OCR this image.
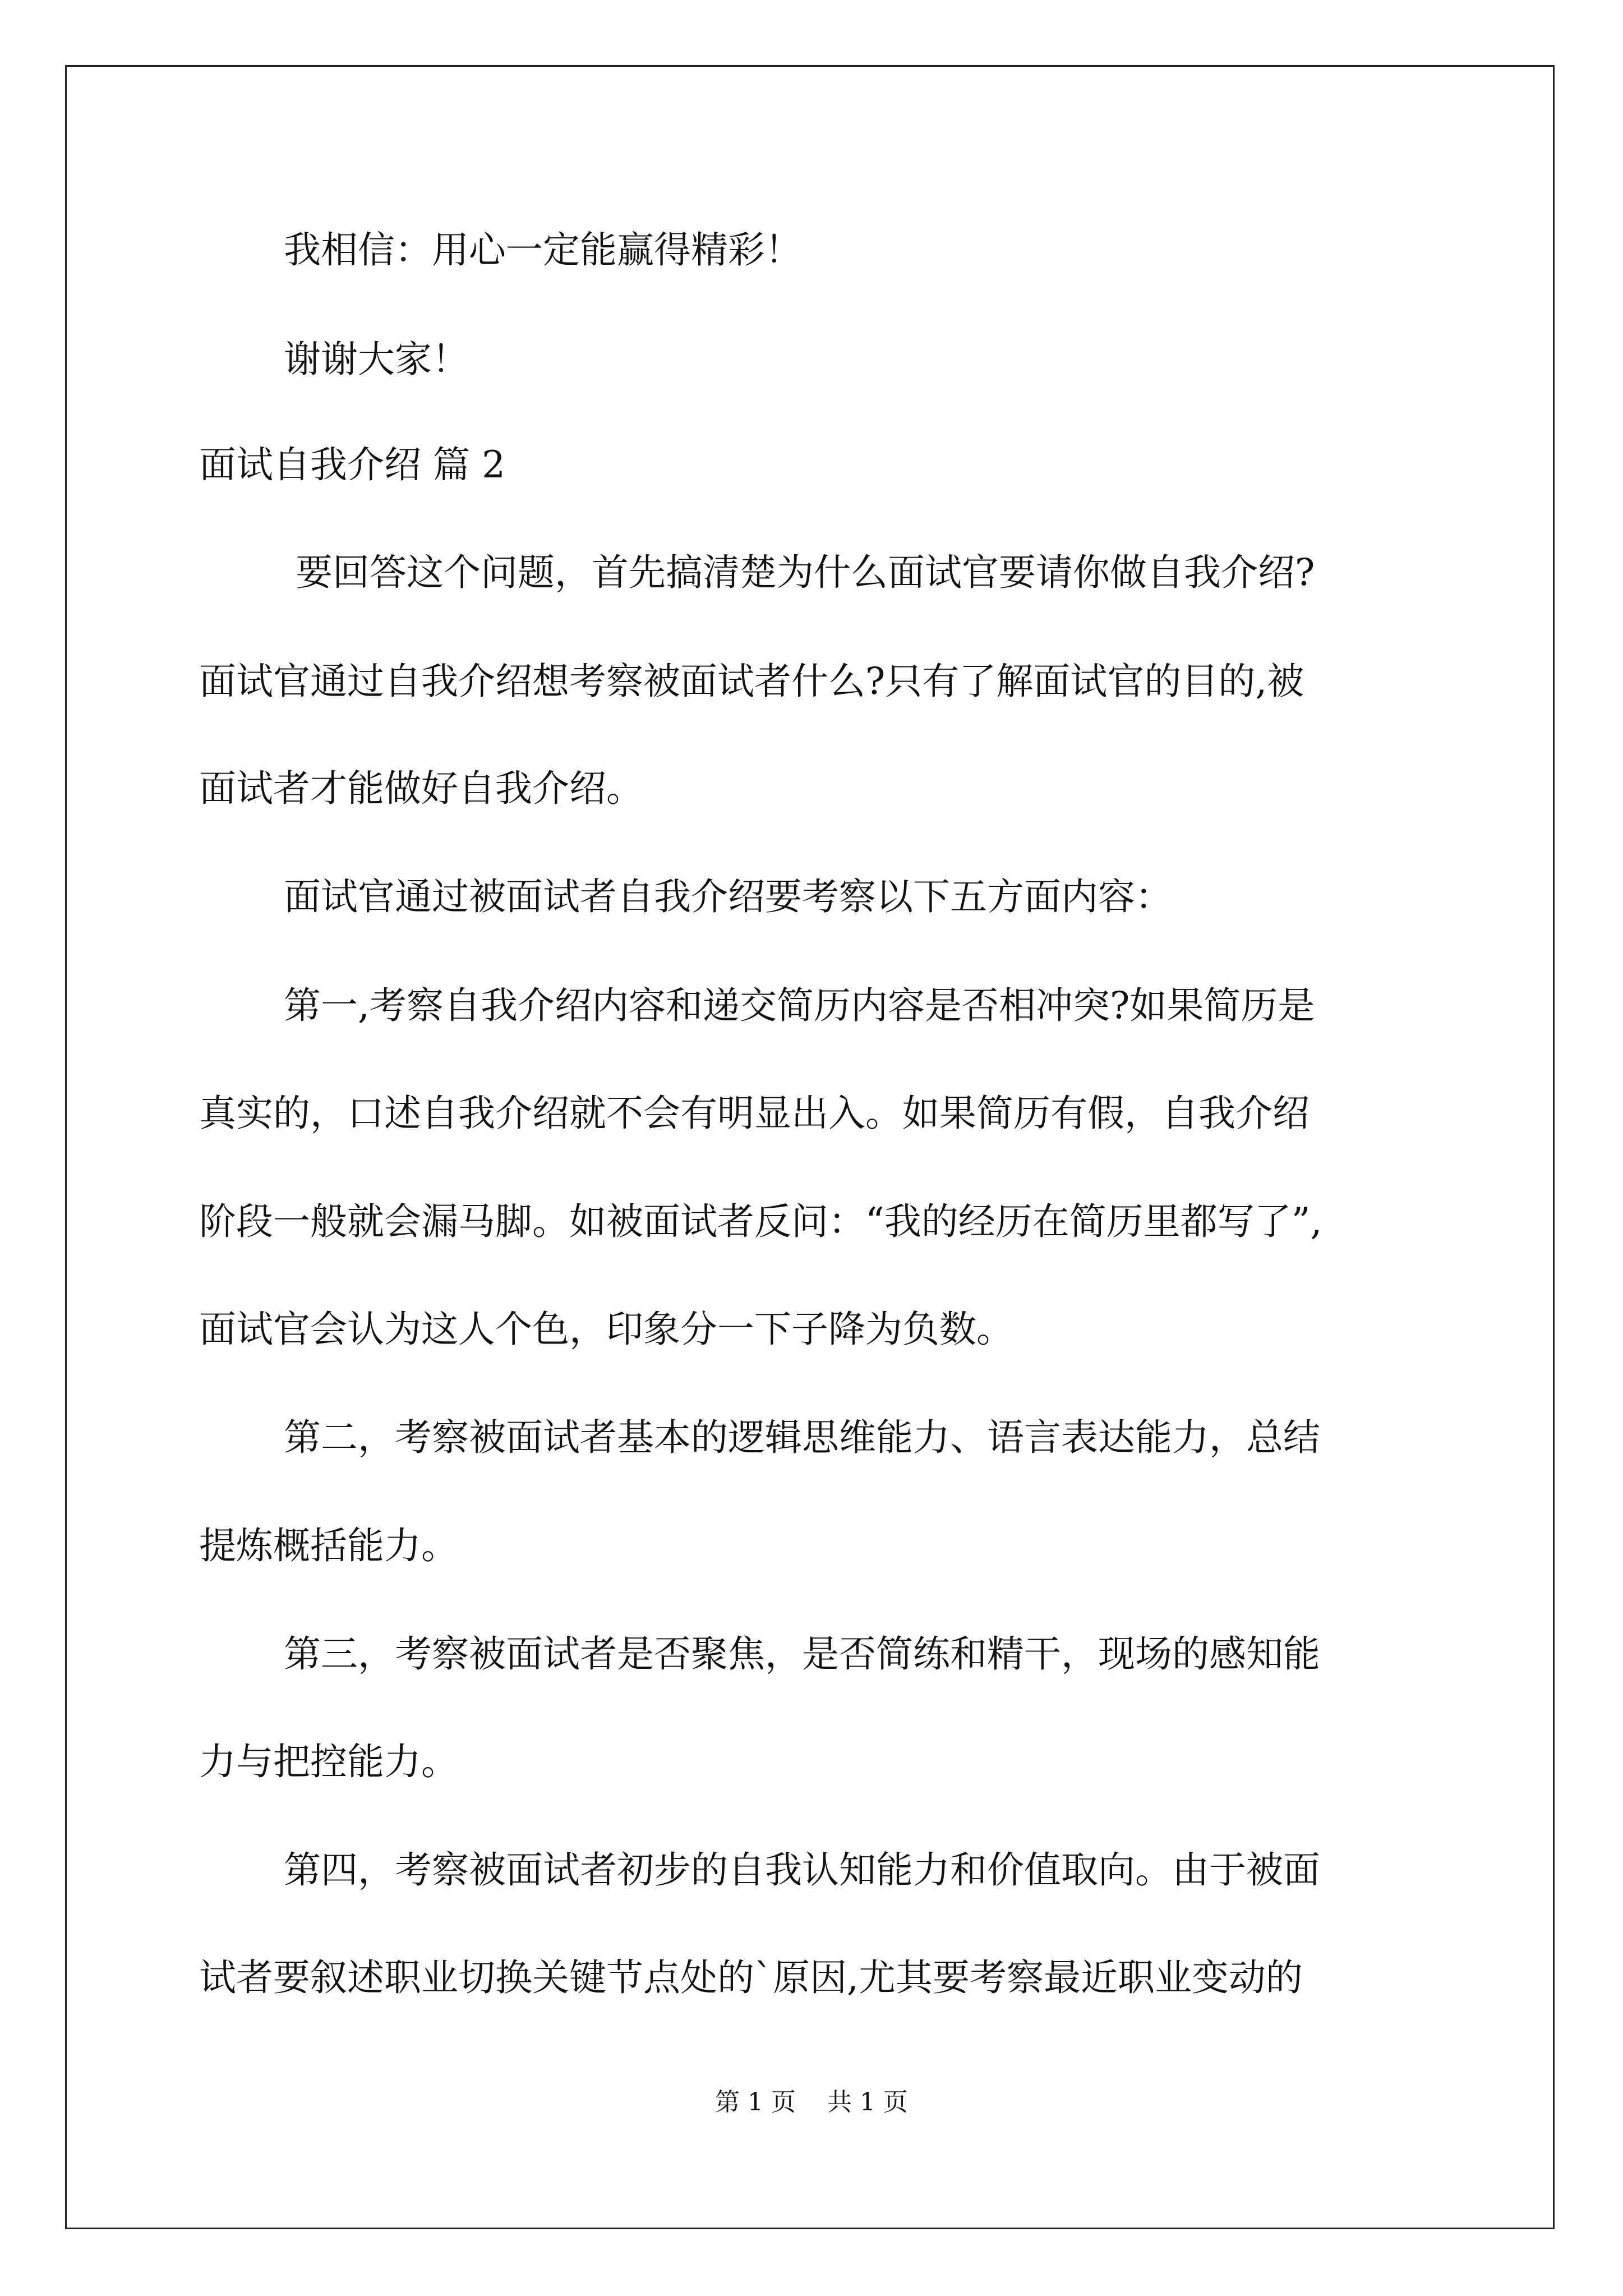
我相信：用心一定能赢得精彩！

谢谢大家！

面试自我介绍 篇 2

要回答这个问题，首先搞清楚为什么面试官要请你做自我介绍?

面试官通过自我介绍想考察被面试者什么?只有了解面试官的目的,被

面试者才能做好自我介绍。

面试官通过被面试者自我介绍要考察以下五方面内容：

第一,考察自我介绍内容和递交简历内容是否相冲突?如果简历是

真实的，口述自我介绍就不会有明显出入。如果简历有假，自我介绍

阶段一般就会漏马脚。如被面试者反问：“我的经历在简历里都写了”,

面试官会认为这人个色，印象分一下子降为负数。

第二，考察被面试者基本的逻辑思维能力、语言表达能力，总结

提炼概括能力。

第三，考察被面试者是否聚焦，是否简练和精干，现场的感知能

力与把控能力。

第四，考察被面试者初步的自我认知能力和价值取向。由于被面

试者要叙述职业切换关键节点处的`原因,尤其要考察最近职业变动的

第 1 页    共 1 页
